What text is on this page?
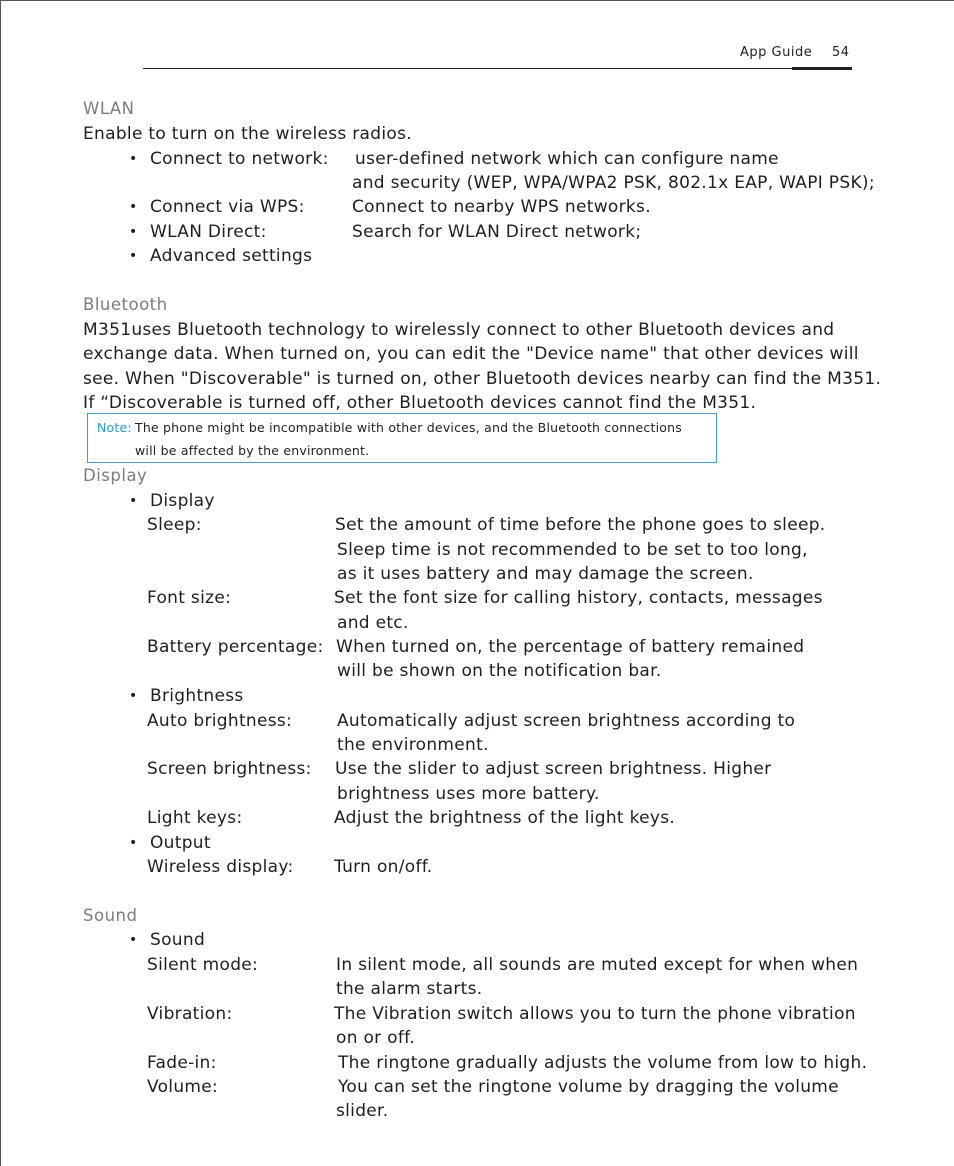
App Guide 54
WLAN
Enable to turn on the wireless radios.
• Connect to network: user-defined network which can configure name
and security (WEP, WPA/WPA2 PSK, 802.1x EAP, WAPI PSK);
• Connect via WPS:	Connect to nearby WPS networks.
• WLAN Direct:	Search for WLAN Direct network;
• Advanced settings
Bluetooth
M351uses Bluetooth technology to wirelessly connect to other Bluetooth devices and
exchange data. When turned on, you can edit the "Device name" that other devices will
see. When "Discoverable" is turned on, other Bluetooth devices nearby can find the M351.
If “Discoverable is turned off, other Bluetooth devices cannot find the M351.
Note: The phone might be incompatible with other devices, and the Bluetooth connections
will be affected by the environment.
Display
• Display
Sleep:	Set the amount of time before the phone goes to sleep.
Sleep time is not recommended to be set to too long,
as it uses battery and may damage the screen.
Font size:	Set the font size for calling history, contacts, messages
and etc.
Battery percentage: When turned on, the percentage of battery remained
will be shown on the notification bar.
• Brightness
Auto brightness:	Automatically adjust screen brightness according to
the environment.
Screen brightness: Use the slider to adjust screen brightness. Higher
brightness uses more battery.
Light keys:	Adjust the brightness of the light keys.
• Output
Wireless display: Turn on/off.
Sound
• Sound
Silent mode:	In silent mode, all sounds are muted except for when when
the alarm starts.
Vibration:	The Vibration switch allows you to turn the phone vibration
on or off.
Fade-in:	The ringtone gradually adjusts the volume from low to high.
Volume:	You can set the ringtone volume by dragging the volume
slider.
